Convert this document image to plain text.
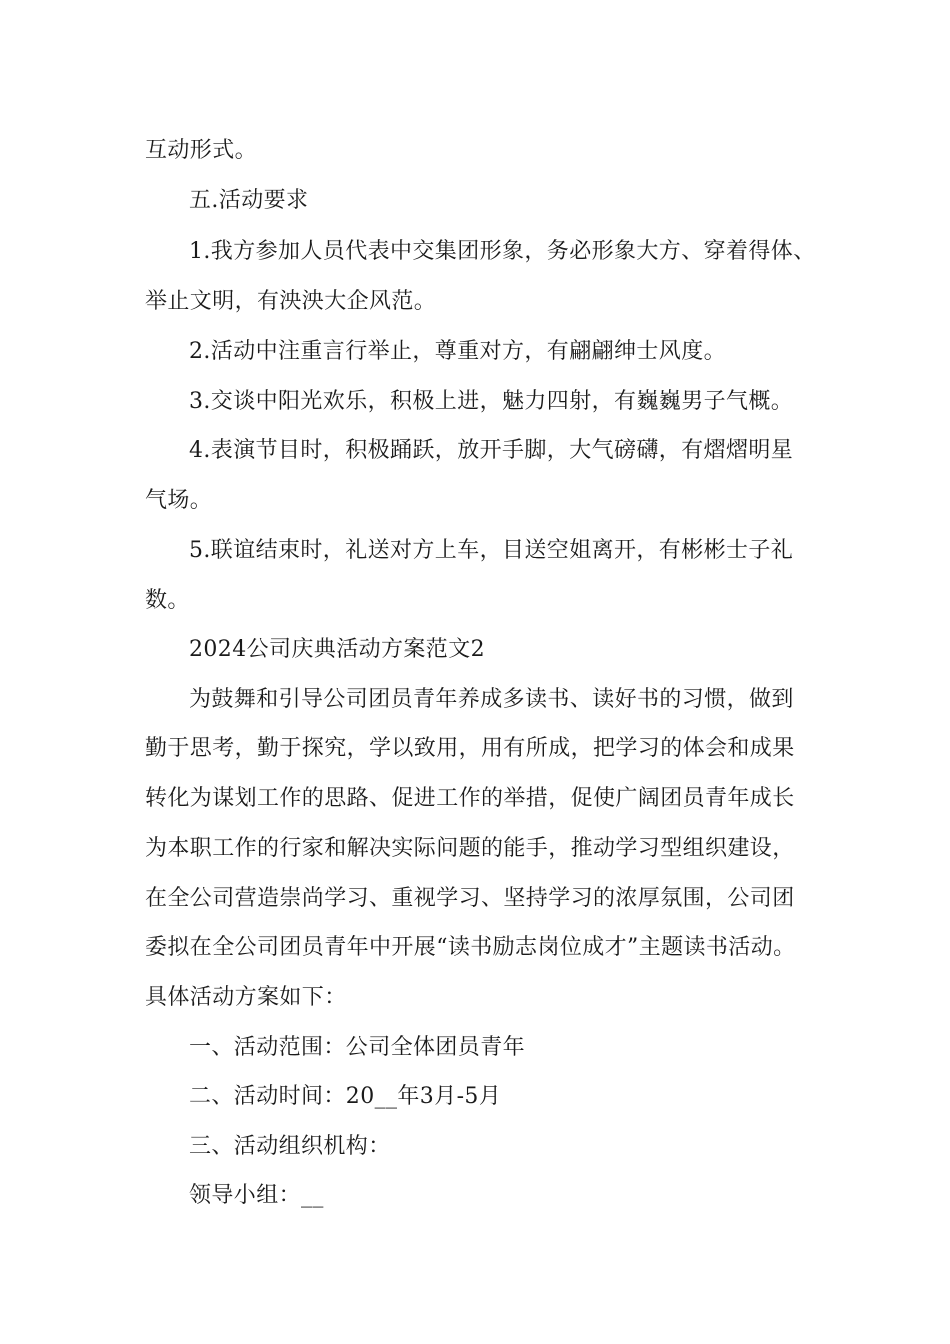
互动形式。
五.活动要求
1.我方参加人员代表中交集团形象，务必形象大方、穿着得体、
举止文明，有泱泱大企风范。
2.活动中注重言行举止，尊重对方，有翩翩绅士风度。
3.交谈中阳光欢乐，积极上进，魅力四射，有巍巍男子气概。
4.表演节目时，积极踊跃，放开手脚，大气磅礴，有熠熠明星
气场。
5.联谊结束时，礼送对方上车，目送空姐离开，有彬彬士子礼
数。
2024公司庆典活动方案范文2
为鼓舞和引导公司团员青年养成多读书、读好书的习惯，做到
勤于思考，勤于探究，学以致用，用有所成，把学习的体会和成果
转化为谋划工作的思路、促进工作的举措，促使广阔团员青年成长
为本职工作的行家和解决实际问题的能手，推动学习型组织建设，
在全公司营造崇尚学习、重视学习、坚持学习的浓厚氛围，公司团
委拟在全公司团员青年中开展“读书励志岗位成才”主题读书活动。
具体活动方案如下：
一、活动范围：公司全体团员青年
二、活动时间：20__年3月-5月
三、活动组织机构：
领导小组：__
